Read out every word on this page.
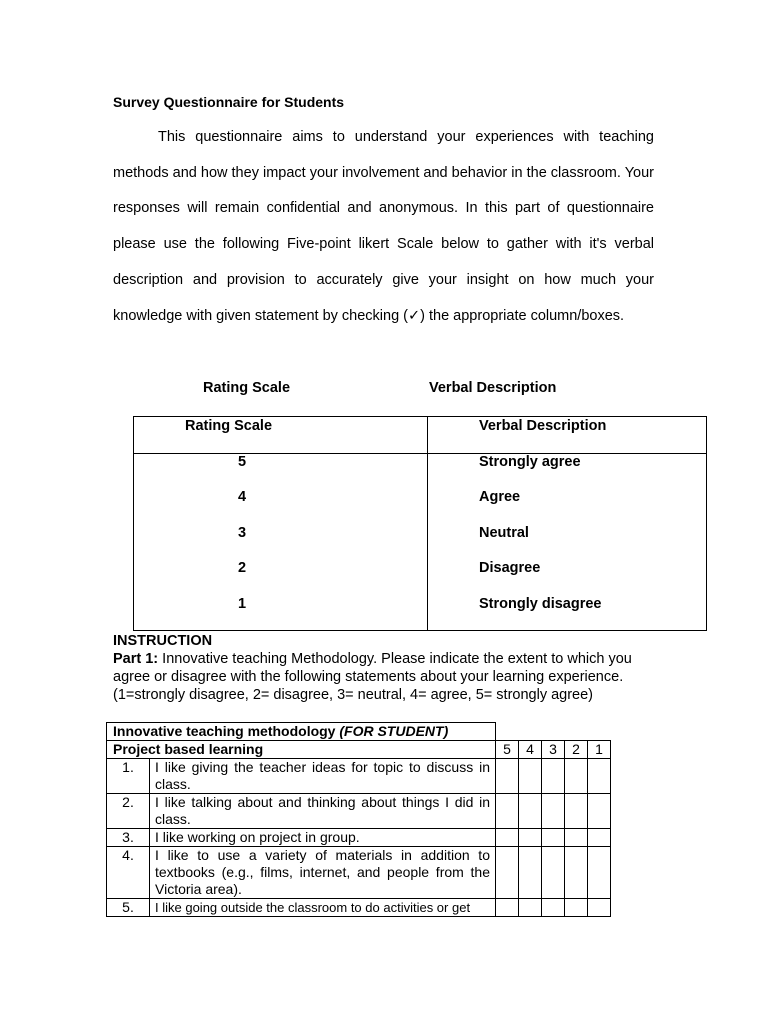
Survey Questionnaire for Students

This questionnaire aims to understand your experiences with teaching methods and how they impact your involvement and behavior in the classroom. Your responses will remain confidential and anonymous. In this part of questionnaire please use the following Five-point likert Scale below to gather with it's verbal description and provision to accurately give your insight on how much your knowledge with given statement by checking (✓) the appropriate column/boxes.

Rating Scale	Verbal Description
Rating Scale	Verbal Description
5	Strongly agree
4	Agree
3	Neutral
2	Disagree
1	Strongly disagree

INSTRUCTION

Part 1: Innovative teaching Methodology. Please indicate the extent to which you agree or disagree with the following statements about your learning experience.

(1=strongly disagree, 2= disagree, 3= neutral, 4= agree, 5= strongly agree)

Innovative teaching methodology (FOR STUDENT)						
Project based learning		5	4	3	2	1
1.	I like giving the teacher ideas for topic to discuss in class.					
2.	I like talking about and thinking about things I did in class.					
3.	I like working on project in group.					
4.	I like to use a variety of materials in addition to textbooks (e.g., films, internet, and people from the Victoria area).					
5.	I like going outside the classroom to do activities or get					
